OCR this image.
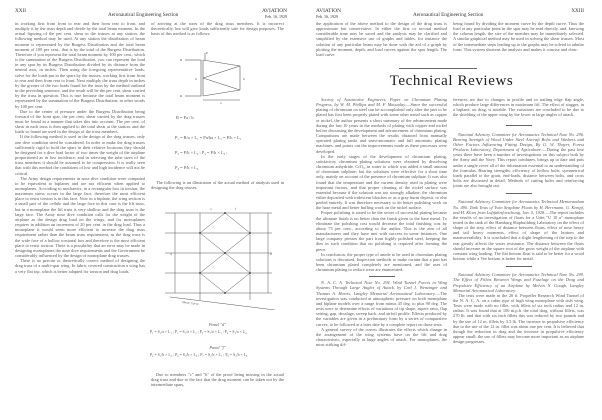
XXII
Aeronautical Engineering Section
AVIATION
Feb. 16, 1929

in working first from front to rear and then from rear to front, and multiply it by the truss depth and divide by the total beam moment. In the actual figuring of the per cent. shear in the trusses at any station, the following method may be used. At any station the distribution of beam moment is represented by the Burgess Distribution and the total beam moment of 100 per cent., that is by the total of the Burgess Distribution. Therefore if you represent the total beam moment by 100 per cent., which is the summation of the Burgess Distribution, you can represent the load in any spar by its Burgess Distribution divided by its distance from the neutral axis, in inches. Then using the foregoing representative loads, solve for the loads put in the spars by the trusses, working first from front to rear and then from rear to front. Next multiply the truss depth in inches by the greater of the two loads found for the truss by the method outlined in the preceding sentence, and the result will be the per cent. shear carried by the truss in question. This is true because the total beam moment is represented by the summation of the Burgess Distribution; in other words by 100 per cent.

Due to the center of pressure under the Burgess Distribution being forward of the front spar, the per cent. shear carried by the drag trusses must be found in a manner that takes this into account. The per cent. of shear in each truss is then applied to the total shear at the station, and the loads so found are used in the design of the truss members.

If the following method is used in the design of the drag trusses, only one dive condition need be considered. In order to make the drag trusses sufficiently rigid to hold the spars in their relative locations they should be designed for a dive load factor of two times the weight of the airplane proportioned as in low incidence, and in selecting the tube sizes of the truss members it should be assumed to be compression. It is really seen that with this method the conditions of low and high incidence will not be critical.

The Army design requirements in nose dive condition were computed to be equivalent to biplanes and are not efficient when applied to monoplanes. According to mechanics, in a rectangular box in torsion, the maximum stress occurs in the large face, therefore the most efficient place to resist torsion is in this face. Now in a biplane, the wing section is a small part of the cellule and the large face in this case is the lift truss, but in a monoplane the lift truss is very shallow and the drag truss is the large face. The Army nose dive condition calls for the weight of the airplane as the design drag load on the wings, and for monoplanes requires in addition an increment of 20 per cent. in the drag load. Thus a monoplane it would seem more efficient to increase the drag truss requirement rather than the beam truss requirement, as the drag truss is the wide face of a hollow torsional box and therefore is the most efficient place to resist torsion. There is a possibility that an error may be made in designing monoplanes the nose dive requirements and the Government be considerably influenced by the design of monoplane drag trusses.

There is no precise or theoretically correct method of designing the drag truss of a multi-spar wing. In fabric covered construction a wing has a very flat top, which is better adapted for torsion and drag loads.

of arriving at the sizes of the drag truss members. It is incorrect theoretically, but will give loads sufficiently safe for design purposes. The basis of this method is as follows:

R
R
P
h	h
a
R = Pa / h
P₁ = R/a × L₁ = Pa/ha × L₁ = P/h × L₁
P₂ = P/h × L₂ ; P₃ = P/h × L₃ ;
P₄ = P/h × L₄

The following is an illustration of the actual method of analysis used in designing the drag trusses.

a	f
d	h
Shear Curve
Panel "d"
P₁ = S₁/a × L₁ ; P₂ = S₁/a × L₂ ; P₃ = S₁/a × L₃ ; P₄ = S₁/a × L₄
Panel "f"
P₅ = S₂/b × L₅ ; P₆ = S₂/b × L₆ ; P₇ = S₂/b × L₇ ; P₈ = S₂/b × L₈

Due to members "c" and "h" of the proof being missing in the actual drag truss and due to the fact that the drag moment can be taken out by the intermediate spars,

AVIATION
Feb. 16, 1929	Aeronautical Engineering Section
XXIII

the application of the above method to the design of the drag truss is approximate but conservative. In either the first or second method considerable time may be saved and the analysis may be clarified and simplified by the extensive use of graphs and tables, for instance the solution of any particular beam may be done with the aid of a graph by plotting the moment, depth, and load curves against the spar length. The load curve

being found by dividing the moment curve by the depth curve. Thus the load at any particular point in the spar may be read directly, and, knowing the column length, the size of the member may be immediately selected. A similar graphical method may be used in solving the shear trusses. Most of the intermediate steps leading up to the graphs may be solved in tabular form. This system shortens the analysis and makes it concise and clear.

Technical Reviews

Society of Automotive Engineers, Paper on Chromium Plating Progress, by W. M. Phillips and M. F. Macaulay.—Since the successful plating of chromium on steel can be accomplished only after the part to be plated has first been properly plated with some other metal such as copper or nickel, the author presents a short summary of the advancement made during the last 10 years in the methods of plating with copper and nickel before discussing the development and advancement of chromium plating. Comparisons are made between the results obtained from manually operated plating tanks and semi-automatic and full automatic plating machines, and points out the improvements made as these processes were developed.

In the early stages of the development of chromium plating, satisfactory chromium plating solutions were obtained by dissolving chromium anhydride, CrO₃, in water to which was added a small amount of chromium sulphate; but the solutions were effective for a short time only, mainly on account of the presence of chromium sulphate. It was also found that the temperature and the current density used in plating were important factors, and that proper cleaning of the nickel surface was essential because if the solution was too strongly alkaline, the chromium either deposited with iridescent blotches or as a gray burnt deposit, or else peeled entirely. It was therefore necessary to do better polishing work on the base metal and better buffing work on the nickel surface.

Proper polishing is stated to be the secret of successful plating because the ultimate finish is no better than the finish given to the base metal. To eliminate the polishing cost would decrease the total finishing cost by about 75 per cent., according to the author. This is the aim of all manufacturers and they have met with success in some instances. One large company presses the part from highly polished steel, keeping the dies in such condition that no polishing is required after forming the piece.

In conclusion, the proper type of anode to be used in chromium plating solutions is discussed. Inspection methods to make certain that a part has been chromium plated completely are mentioned, and the uses of chromium plating to reduce wear are enumerated.

N. A. C. A. Technical Note No. 294. Wind Tunnel Forces in Wing Systems Through Large Angles of Attack, by Carl J. Wenzinger and Thomas A. Harris, Langley Memorial Aeronautical Laboratory.—The investigation was conducted at atmospheric pressure on both monoplane and biplane models over a range from minus 45 deg. to plus 90 deg. The tests were to determine effects of variations of tip shape, aspect ratio, flap setting, gap, decalage, sweep back, and airfoil profile. Effects produced by the variables are given in a preliminary form by a series of comparative curves, to be followed at a later date by a complete report on these tests.

A general survey of the curves illustrates the effects which change in the arrangement of the wing systems have on the lift and drag characteristic, especially at large angles of attack. For monoplanes, the most striking dif-

ferences are due to changes in profile and in trailing edge flap angle, which produce large differences in maximum lift. The effect of stagger, in a biplane, on drag, is notable. The variations are concluded to be due to the shielding of the upper wing by the lower at large angles of attack.

National Advisory Committee for Aeronautics Technical Note No. 296. Bearing Strength of Wood Under Steel Aircraft Bolts and Washers and Other Factors Influencing Fitting Design, By G. W. Thayer, Forest Products Laboratory, Department of Agriculture.—During the past four years there have been a number of investigations on this subject both by the Army and the Navy. This report combines, brings up to date and puts under a single cover all of the information essential to an understanding of the formulas. Bearing strengths, efficiency of hollow bolts, symmetrical loads parallel to the grain, end-loads, distance between bolts, and cross bolts are discussed in detail. Methods of cutting holes and reinforcing joints are also brought out.

National Advisory Committee for Aeronautics Technical Memorandum No. 490. Tank Tests of Twin Seaplane Floats by H. Herrmann, G. Kempf, and H. Kloes from Luftfahrtforschung, Jan. 5, 1928.—The report includes the results of an investigation of floats for a Udet "U 10 a" monoplane tested in the tank of the Hamburg Shipbuilding Laboratory on the effect of shape of the step, effect of distance between floats, effect of nose heavy and tail heavy moments, effect of shape of the bottom and maneuverability. It is concluded that a slight lengthening of the step to the rear greatly affects the water resistance. The distance between the floats should increase as the square root of the gross weight of the airplane with constant wing loading. The flat bottom float is said to be better for a wood bottom while a Vee bottom is better for metal.

National Advisory Committee for Aeronautics Technical Note No. 299. The Effect of Fillets Between Wings and Fuselage on the Drag and Propulsive Efficiency of an Airplane by Melvin N. Gough, Langley Memorial Aeronautical Laboratory.
The tests were made in the 20 ft. Propeller Research Wind Tunnel of the N. A. C. A. on a cabin type of high wing monoplane with stub wing. Tests were made with no fillet, with fillets of six inch radius and 12 in. radius. It was found that at 100 m.p.h. the total drag, without fillets, was 270 lb. and that with six inch fillets this was reduced by two pounds and by the use of 12 in. fillets by 3.5 lb. The increase in propulsive efficiency due to the use of the 12 in. fillet was about one per cent. It is believed that though the reduction in drag and the increase in propulsive efficiency appear small; the use of fillets may become more important as an airplane design progresses.
